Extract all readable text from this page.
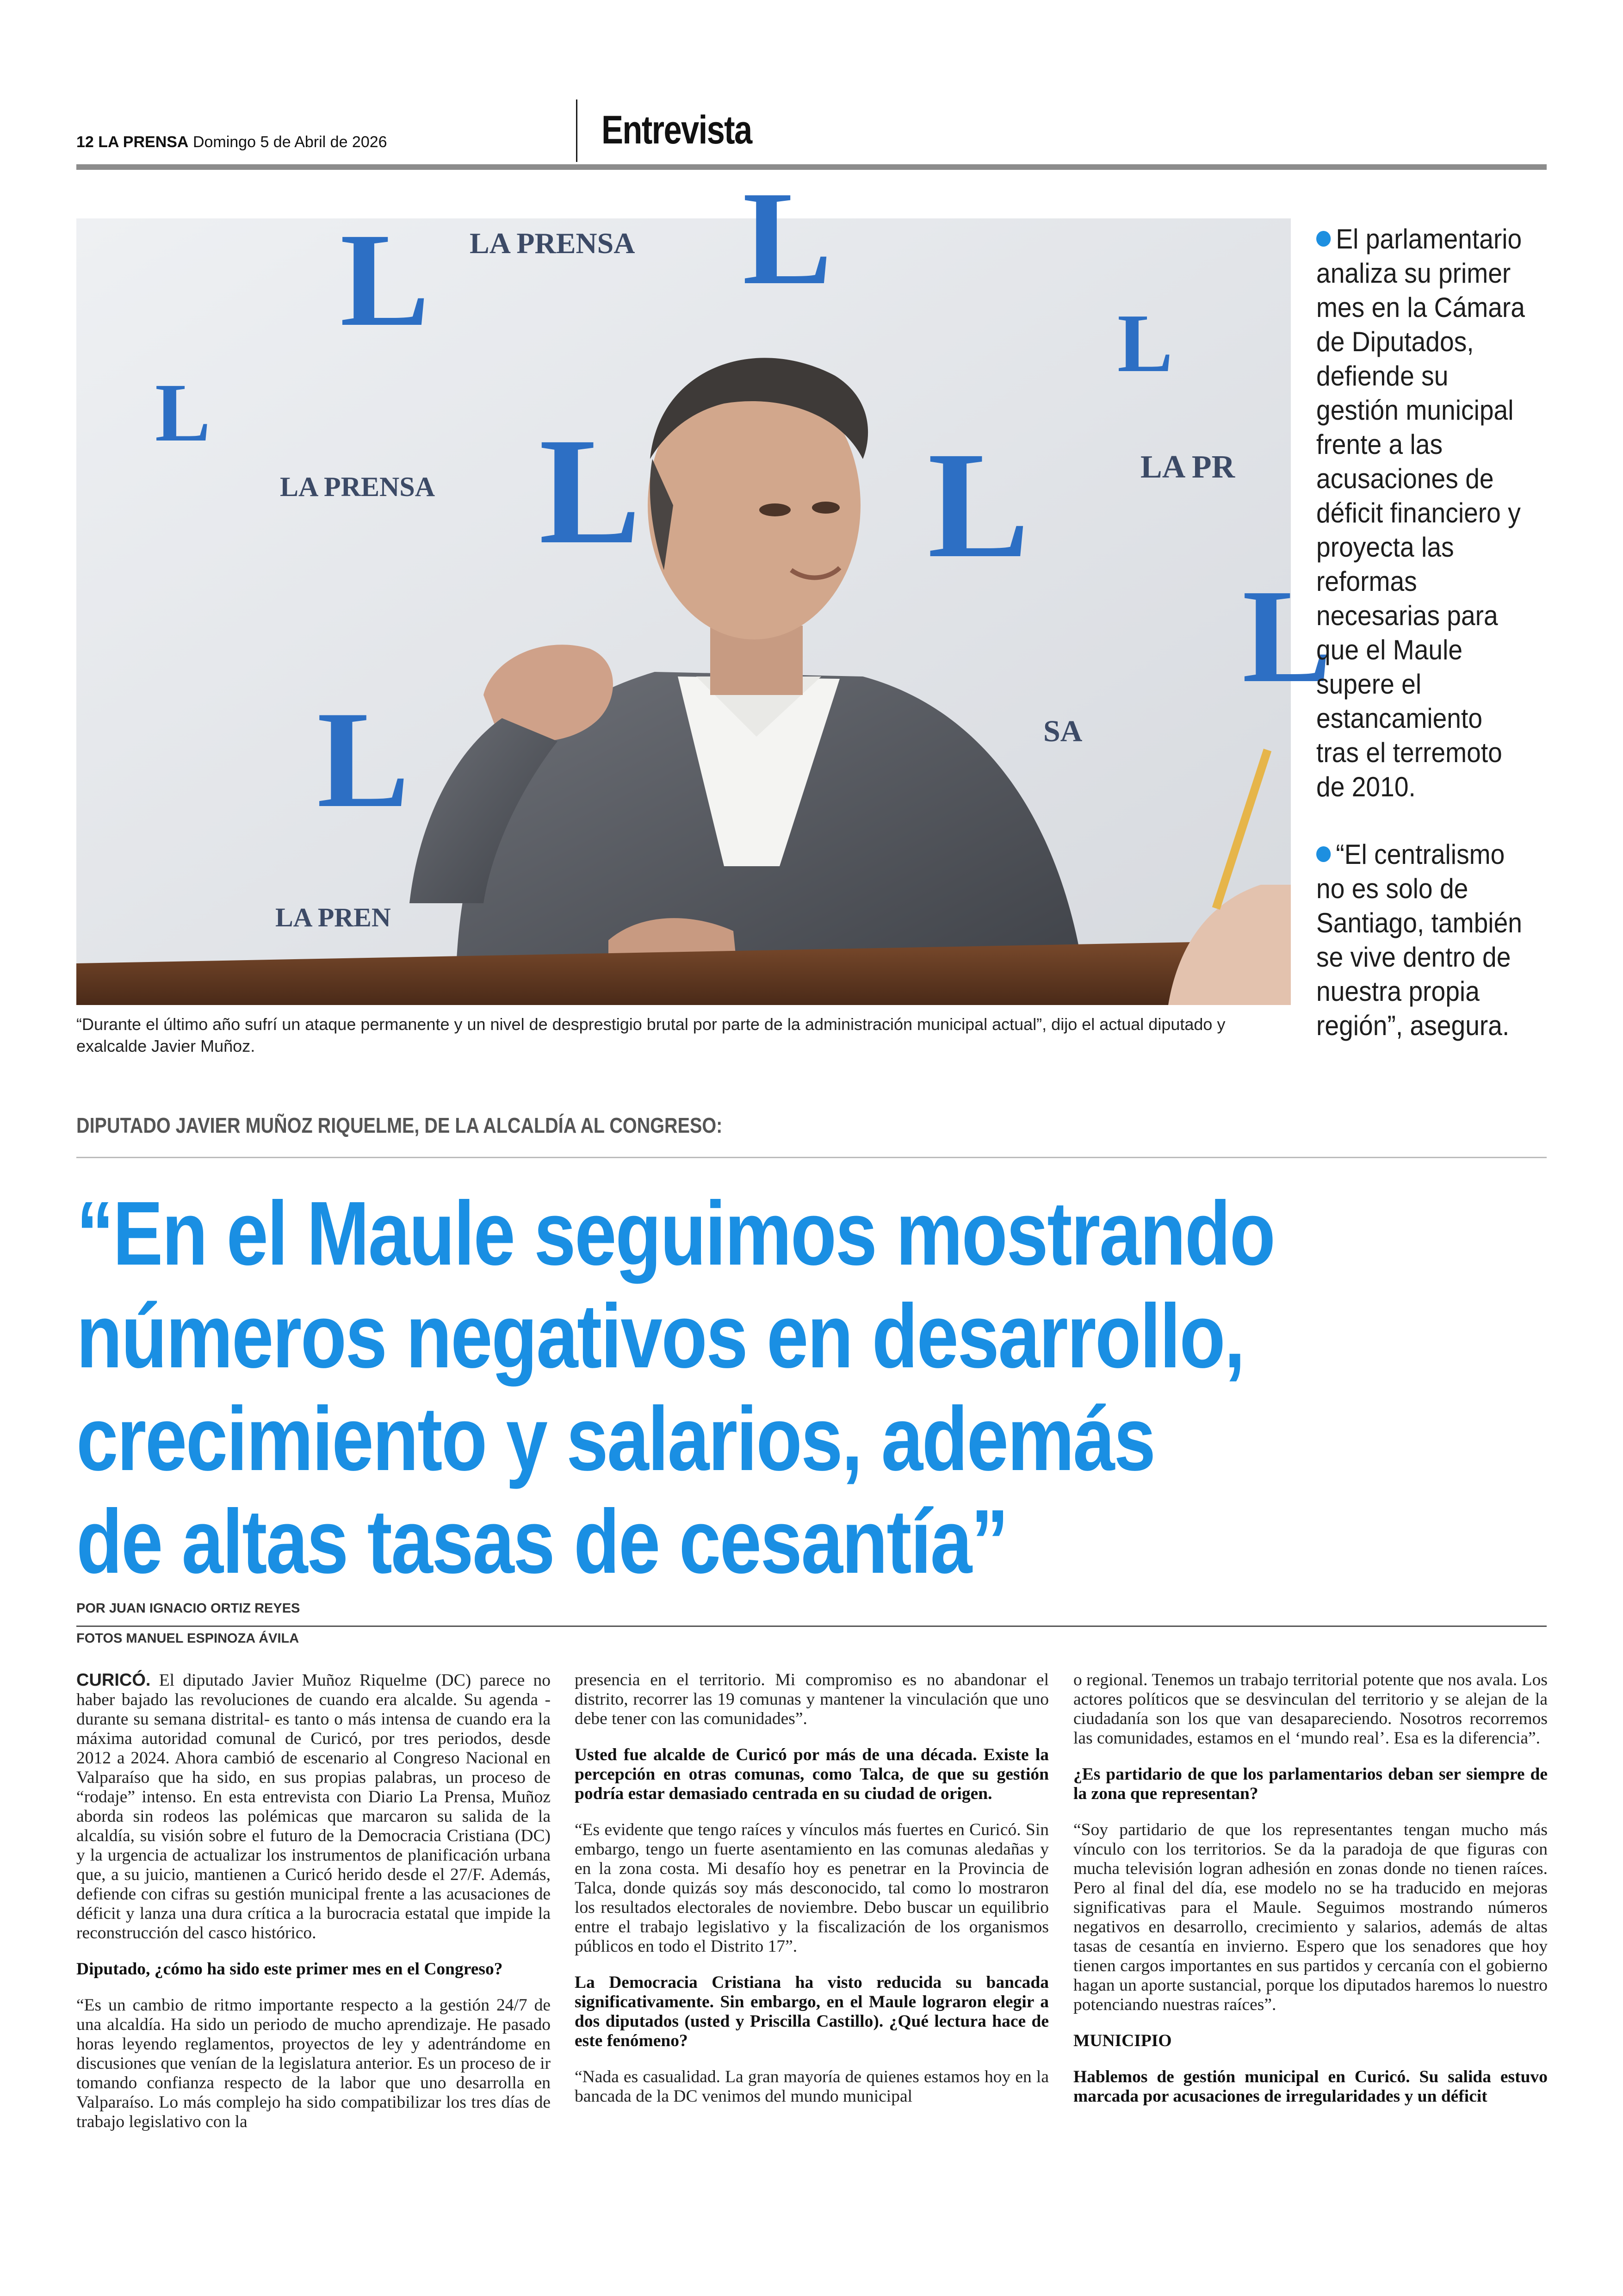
12 LA PRENSA Domingo 5 de Abril de 2026	Entrevista
L L
L
L
L
L
L
L
LA PRENSA
LA PRENSA
LA PR
SA
LA PREN
“Durante el último año sufrí un ataque permanente y un nivel de desprestigio brutal por parte de la administración municipal actual”, dijo el actual diputado y exalcalde Javier Muñoz.

El parlamentario analiza su primer mes en la Cámara de Diputados, defiende su gestión municipal frente a las acusaciones de déficit financiero y proyecta las reformas necesarias para que el Maule supere el estancamiento tras el terremoto de 2010.

“El centralismo no es solo de Santiago, también se vive dentro de nuestra propia región”, asegura.

DIPUTADO JAVIER MUÑOZ RIQUELME, DE LA ALCALDÍA AL CONGRESO:
“En el Maule seguimos mostrando
números negativos en desarrollo,
crecimiento y salarios, además
de altas tasas de cesantía”
POR JUAN IGNACIO ORTIZ REYES
FOTOS MANUEL ESPINOZA ÁVILA

CURICÓ. El diputado Javier Muñoz Riquelme (DC) parece no haber bajado las revoluciones de cuando era alcalde. Su agenda -durante su semana distrital- es tanto o más intensa de cuando era la máxima autoridad comunal de Curicó, por tres periodos, desde 2012 a 2024. Ahora cambió de escenario al Congreso Nacional en Valparaíso que ha sido, en sus propias palabras, un proceso de “rodaje” intenso. En esta entrevista con Diario La Prensa, Muñoz aborda sin rodeos las polémicas que marcaron su salida de la alcaldía, su visión sobre el futuro de la Democracia Cristiana (DC) y la urgencia de actualizar los instrumentos de planificación urbana que, a su juicio, mantienen a Curicó herido desde el 27/F. Además, defiende con cifras su gestión municipal frente a las acusaciones de déficit y lanza una dura crítica a la burocracia estatal que impide la reconstrucción del casco histórico.

Diputado, ¿cómo ha sido este primer mes en el Congreso?

“Es un cambio de ritmo importante respecto a la gestión 24/7 de una alcaldía. Ha sido un periodo de mucho aprendizaje. He pasado horas leyendo reglamentos, proyectos de ley y adentrándome en discusiones que venían de la legislatura anterior. Es un proceso de ir tomando confianza respecto de la labor que uno desarrolla en Valparaíso. Lo más complejo ha sido compatibilizar los tres días de trabajo legislativo con la

presencia en el territorio. Mi compromiso es no abandonar el distrito, recorrer las 19 comunas y mantener la vinculación que uno debe tener con las comunidades”.

Usted fue alcalde de Curicó por más de una década. Existe la percepción en otras comunas, como Talca, de que su gestión podría estar demasiado centrada en su ciudad de origen.

“Es evidente que tengo raíces y vínculos más fuertes en Curicó. Sin embargo, tengo un fuerte asentamiento en las comunas aledañas y en la zona costa. Mi desafío hoy es penetrar en la Provincia de Talca, donde quizás soy más desconocido, tal como lo mostraron los resultados electorales de noviembre. Debo buscar un equilibrio entre el trabajo legislativo y la fiscalización de los organismos públicos en todo el Distrito 17”.

La Democracia Cristiana ha visto reducida su bancada significativamente. Sin embargo, en el Maule lograron elegir a dos diputados (usted y Priscilla Castillo). ¿Qué lectura hace de este fenómeno?

“Nada es casualidad. La gran mayoría de quienes estamos hoy en la bancada de la DC venimos del mundo municipal

o regional. Tenemos un trabajo territorial potente que nos avala. Los actores políticos que se desvinculan del territorio y se alejan de la ciudadanía son los que van desapareciendo. Nosotros recorremos las comunidades, estamos en el ‘mundo real’. Esa es la diferencia”.

¿Es partidario de que los parlamentarios deban ser siempre de la zona que representan?

“Soy partidario de que los representantes tengan mucho más vínculo con los territorios. Se da la paradoja de que figuras con mucha televisión logran adhesión en zonas donde no tienen raíces. Pero al final del día, ese modelo no se ha traducido en mejoras significativas para el Maule. Seguimos mostrando números negativos en desarrollo, crecimiento y salarios, además de altas tasas de cesantía en invierno. Espero que los senadores que hoy tienen cargos importantes en sus partidos y cercanía con el gobierno hagan un aporte sustancial, porque los diputados haremos lo nuestro potenciando nuestras raíces”.

MUNICIPIO

Hablemos de gestión municipal en Curicó. Su salida estuvo marcada por acusaciones de irregularidades y un déficit
